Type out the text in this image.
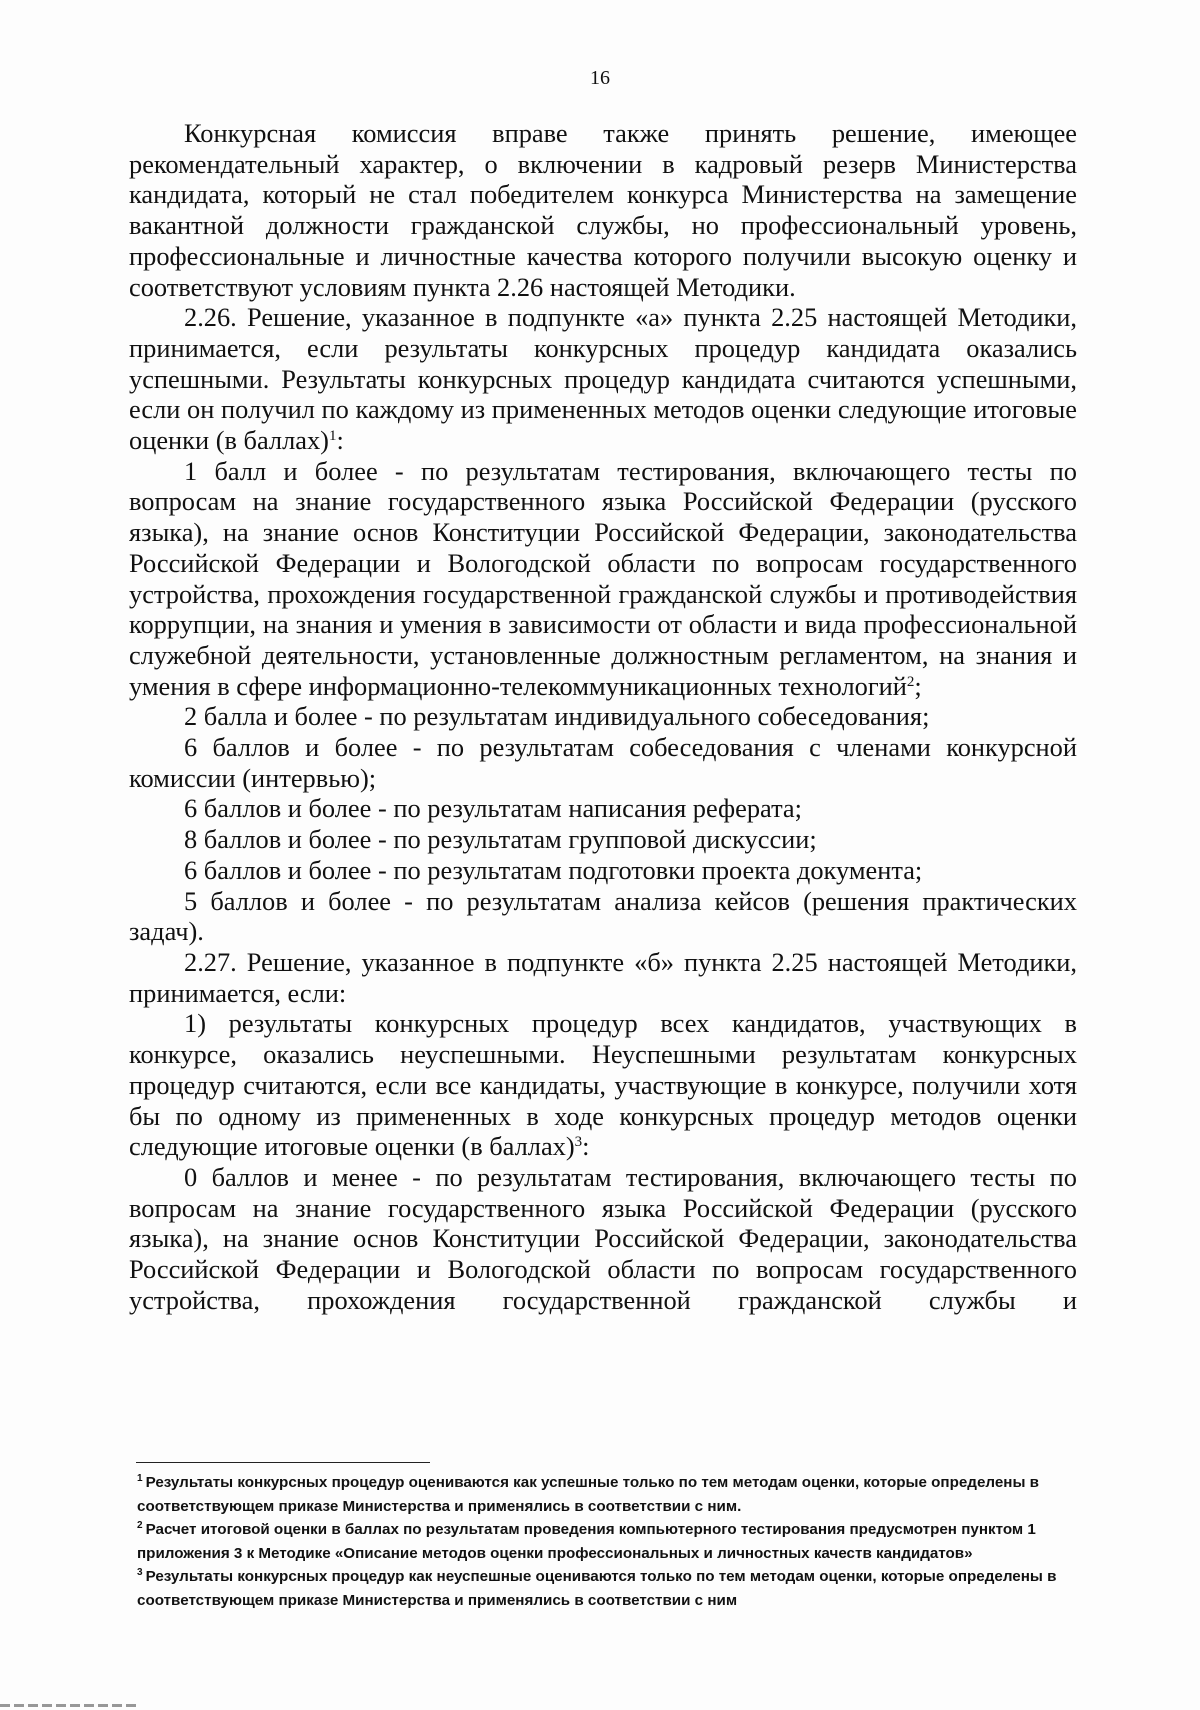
16

Конкурсная комиссия вправе также принять решение, имеющее рекомендательный характер, о включении в кадровый резерв Министерства кандидата, который не стал победителем конкурса Министерства на замещение вакантной должности гражданской службы, но профессиональный уровень, профессиональные и личностные качества которого получили высокую оценку и соответствуют условиям пункта 2.26 настоящей Методики.

2.26. Решение, указанное в подпункте «а» пункта 2.25 настоящей Методики, принимается, если результаты конкурсных процедур кандидата оказались успешными. Результаты конкурсных процедур кандидата считаются успешными, если он получил по каждому из примененных методов оценки следующие итоговые оценки (в баллах)$^1$:

1 балл и более - по результатам тестирования, включающего тесты по вопросам на знание государственного языка Российской Федерации (русского языка), на знание основ Конституции Российской Федерации, законодательства Российской Федерации и Вологодской области по вопросам государственного устройства, прохождения государственной гражданской службы и противодействия коррупции, на знания и умения в зависимости от области и вида профессиональной служебной деятельности, установленные должностным регламентом, на знания и умения в сфере информационно-телекоммуникационных технологий$^2$;

2 балла и более - по результатам индивидуального собеседования;

6 баллов и более - по результатам собеседования с членами конкурсной комиссии (интервью);

6 баллов и более - по результатам написания реферата;

8 баллов и более - по результатам групповой дискуссии;

6 баллов и более - по результатам подготовки проекта документа;

5 баллов и более - по результатам анализа кейсов (решения практических задач).

2.27. Решение, указанное в подпункте «б» пункта 2.25 настоящей Методики, принимается, если:

1) результаты конкурсных процедур всех кандидатов, участвующих в конкурсе, оказались неуспешными. Неуспешными результатам конкурсных процедур считаются, если все кандидаты, участвующие в конкурсе, получили хотя бы по одному из примененных в ходе конкурсных процедур методов оценки следующие итоговые оценки (в баллах)$^3$:

0 баллов и менее - по результатам тестирования, включающего тесты по вопросам на знание государственного языка Российской Федерации (русского языка), на знание основ Конституции Российской Федерации, законодательства Российской Федерации и Вологодской области по вопросам государственного устройства, прохождения государственной гражданской службы и

$^1$ Результаты конкурсных процедур оцениваются как успешные только по тем методам оценки, которые определены в соответствующем приказе Министерства и применялись в соответствии с ним.

$^2$ Расчет итоговой оценки в баллах по результатам проведения компьютерного тестирования предусмотрен пунктом 1 приложения 3 к Методике «Описание методов оценки профессиональных и личностных качеств кандидатов»

$^3$ Результаты конкурсных процедур как неуспешные оцениваются только по тем методам оценки, которые определены в соответствующем приказе Министерства и применялись в соответствии с ним
